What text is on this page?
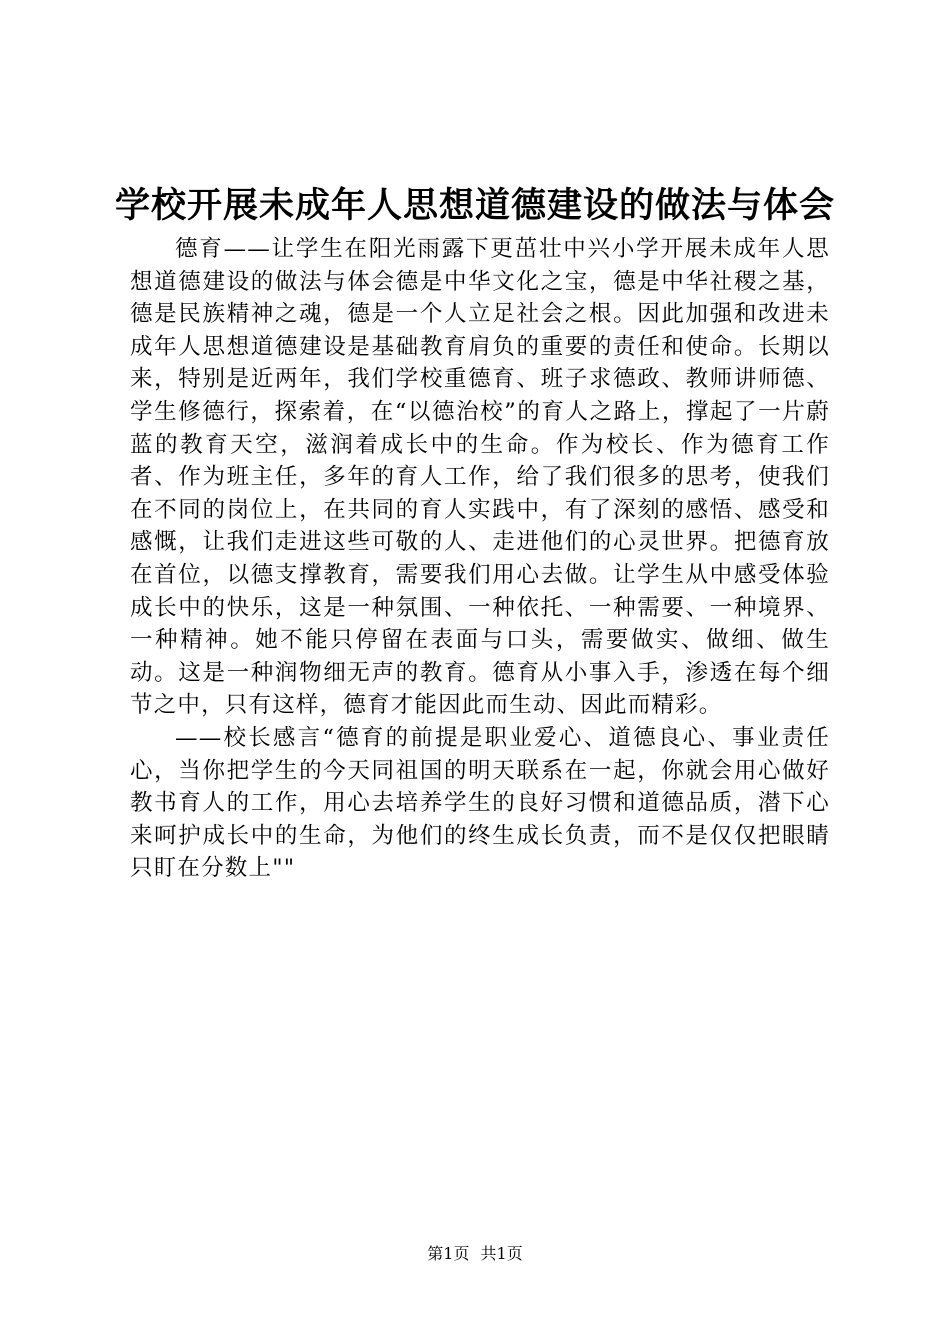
学校开展未成年人思想道德建设的做法与体会

德育——让学生在阳光雨露下更茁壮中兴小学开展未成年人思想道德建设的做法与体会德是中华文化之宝，德是中华社稷之基，德是民族精神之魂，德是一个人立足社会之根。因此加强和改进未成年人思想道德建设是基础教育肩负的重要的责任和使命。长期以来，特别是近两年，我们学校重德育、班子求德政、教师讲师德、学生修德行，探索着，在“以德治校”的育人之路上，撑起了一片蔚蓝的教育天空，滋润着成长中的生命。作为校长、作为德育工作者、作为班主任，多年的育人工作，给了我们很多的思考，使我们在不同的岗位上，在共同的育人实践中，有了深刻的感悟、感受和感慨，让我们走进这些可敬的人、走进他们的心灵世界。把德育放在首位，以德支撑教育，需要我们用心去做。让学生从中感受体验成长中的快乐，这是一种氛围、一种依托、一种需要、一种境界、一种精神。她不能只停留在表面与口头，需要做实、做细、做生动。这是一种润物细无声的教育。德育从小事入手，渗透在每个细节之中，只有这样，德育才能因此而生动、因此而精彩。

——校长感言“德育的前提是职业爱心、道德良心、事业责任心，当你把学生的今天同祖国的明天联系在一起，你就会用心做好教书育人的工作，用心去培养学生的良好习惯和道德品质，潜下心来呵护成长中的生命，为他们的终生成长负责，而不是仅仅把眼睛只盯在分数上""

第1页 共1页
